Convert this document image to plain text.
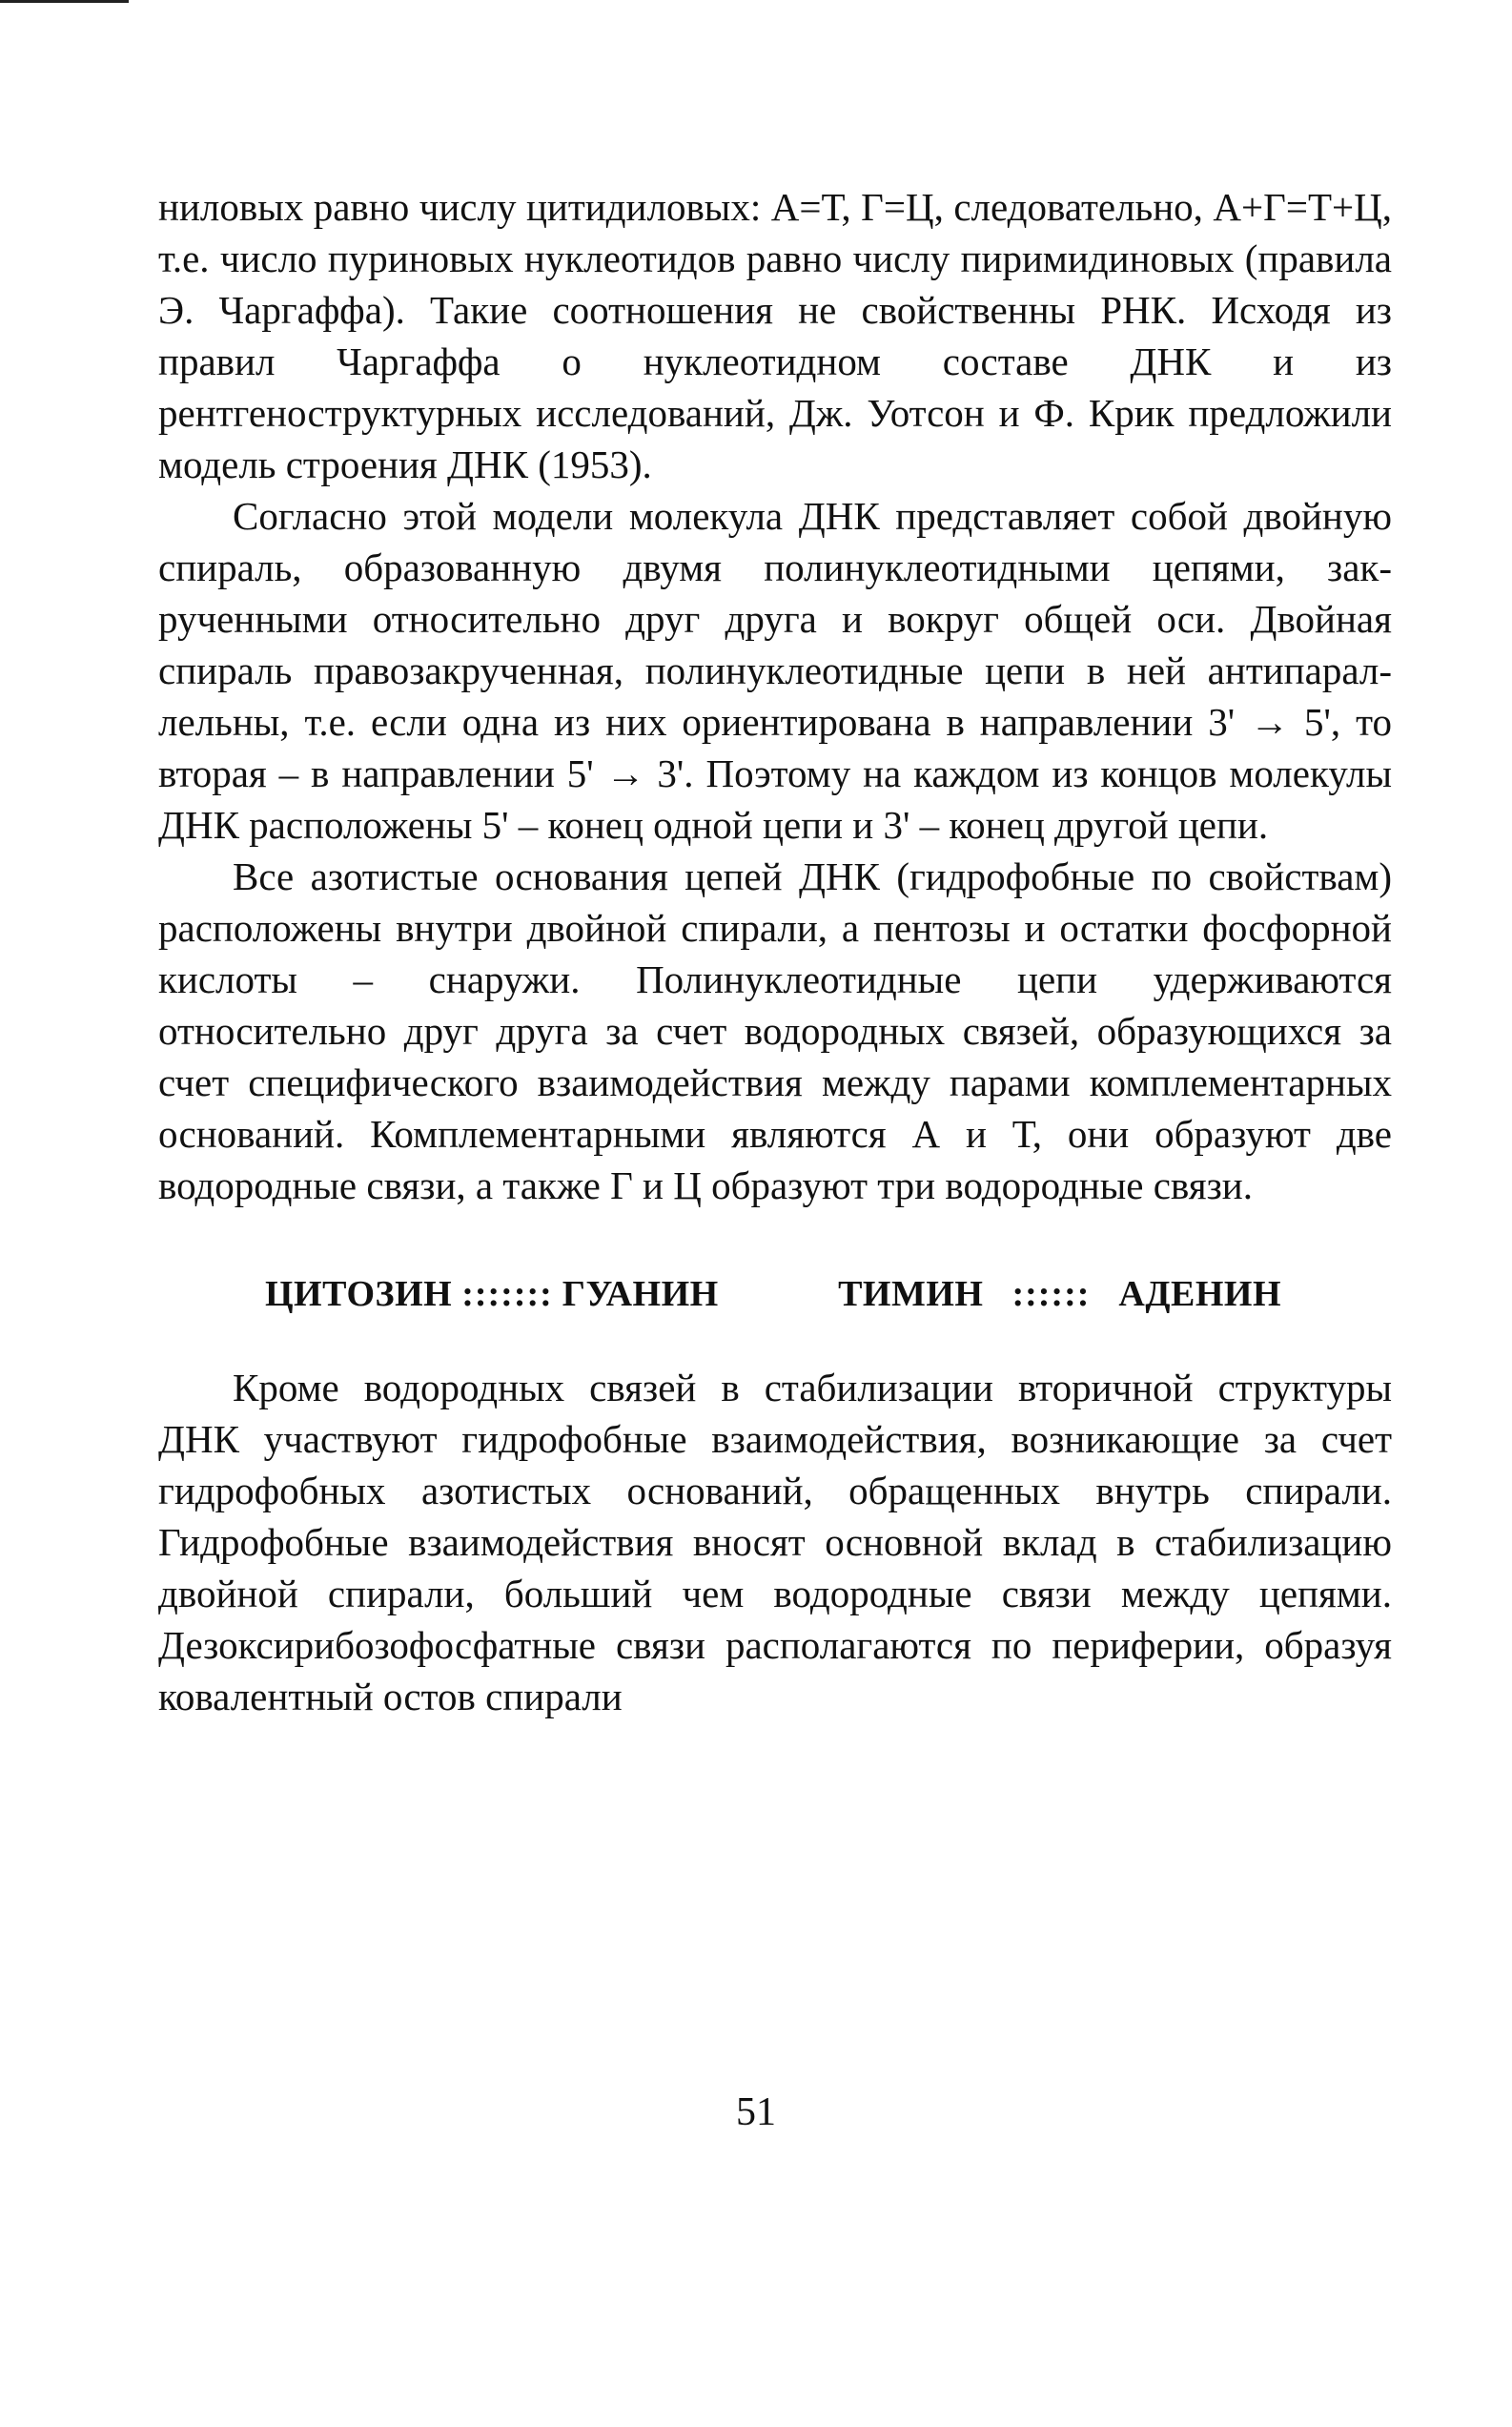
ниловых равно числу цитидиловых: А=Т, Г=Ц, следовательно, А+Г=Т+Ц, т.е. число пуриновых нуклеотидов равно числу пиримидиновых (правила Э. Чаргаффа). Такие соотношения не свойственны РНК. Исходя из правил Чаргаффа о нуклеотидном составе ДНК и из рентгеноструктурных исследований, Дж. Уотсон и Ф. Крик предложили модель строения ДНК (1953).

Согласно этой модели молекула ДНК представляет собой двойную спираль, образованную двумя полинуклеотидными цепями, закрученными относительно друг друга и вокруг общей оси. Двойная спираль правозакрученная, полинуклеотидные цепи в ней антипараллельны, т.е. если одна из них ориентирована в направлении 3' → 5', то вторая – в направлении 5' → 3'. Поэтому на каждом из концов молекулы ДНК расположены 5' – конец одной цепи и 3' – конец другой цепи.

Все азотистые основания цепей ДНК (гидрофобные по свойствам) расположены внутри двойной спирали, а пентозы и остатки фосфорной кислоты – снаружи. Полинуклеотидные цепи удерживаются относительно друг друга за счет водородных связей, образующихся за счет специфического взаимодействия между парами комплементарных оснований. Комплементарными являются А и Т, они образуют две водородные связи, а также Г и Ц образуют три водородные связи.

ЦИТОЗИН ::::::: ГУАНИН	ТИМИН :::::: АДЕНИН

Кроме водородных связей в стабилизации вторичной структуры ДНК участвуют гидрофобные взаимодействия, возникающие за счет гидрофобных азотистых оснований, обращенных внутрь спирали. Гидрофобные взаимодействия вносят основной вклад в стабилизацию двойной спирали, больший чем водородные связи между цепями. Дезоксирибозофосфатные связи располагаются по периферии, образуя ковалентный остов спирали

51
